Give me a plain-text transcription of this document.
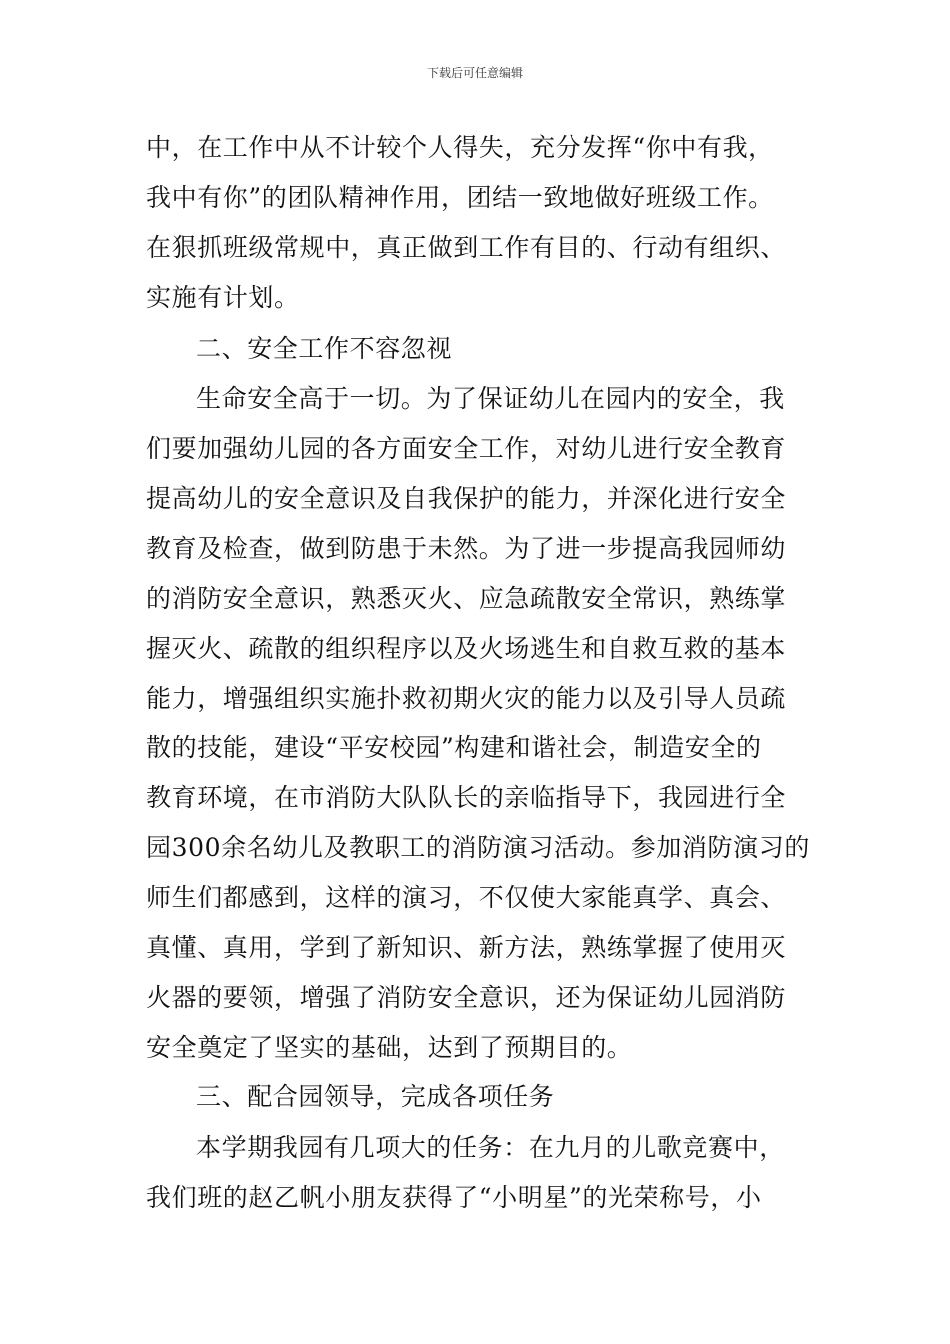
下载后可任意编辑
中，在工作中从不计较个人得失，充分发挥“你中有我，
我中有你”的团队精神作用，团结一致地做好班级工作。
在狠抓班级常规中，真正做到工作有目的、行动有组织、
实施有计划。
二、安全工作不容忽视
生命安全高于一切。为了保证幼儿在园内的安全，我
们要加强幼儿园的各方面安全工作，对幼儿进行安全教育
提高幼儿的安全意识及自我保护的能力，并深化进行安全
教育及检查，做到防患于未然。为了进一步提高我园师幼
的消防安全意识，熟悉灭火、应急疏散安全常识，熟练掌
握灭火、疏散的组织程序以及火场逃生和自救互救的基本
能力，增强组织实施扑救初期火灾的能力以及引导人员疏
散的技能，建设“平安校园”构建和谐社会，制造安全的
教育环境，在市消防大队队长的亲临指导下，我园进行全
园300余名幼儿及教职工的消防演习活动。参加消防演习的
师生们都感到，这样的演习，不仅使大家能真学、真会、
真懂、真用，学到了新知识、新方法，熟练掌握了使用灭
火器的要领，增强了消防安全意识，还为保证幼儿园消防
安全奠定了坚实的基础，达到了预期目的。
三、配合园领导，完成各项任务
本学期我园有几项大的任务：在九月的儿歌竞赛中，
我们班的赵乙帆小朋友获得了“小明星”的光荣称号，小
